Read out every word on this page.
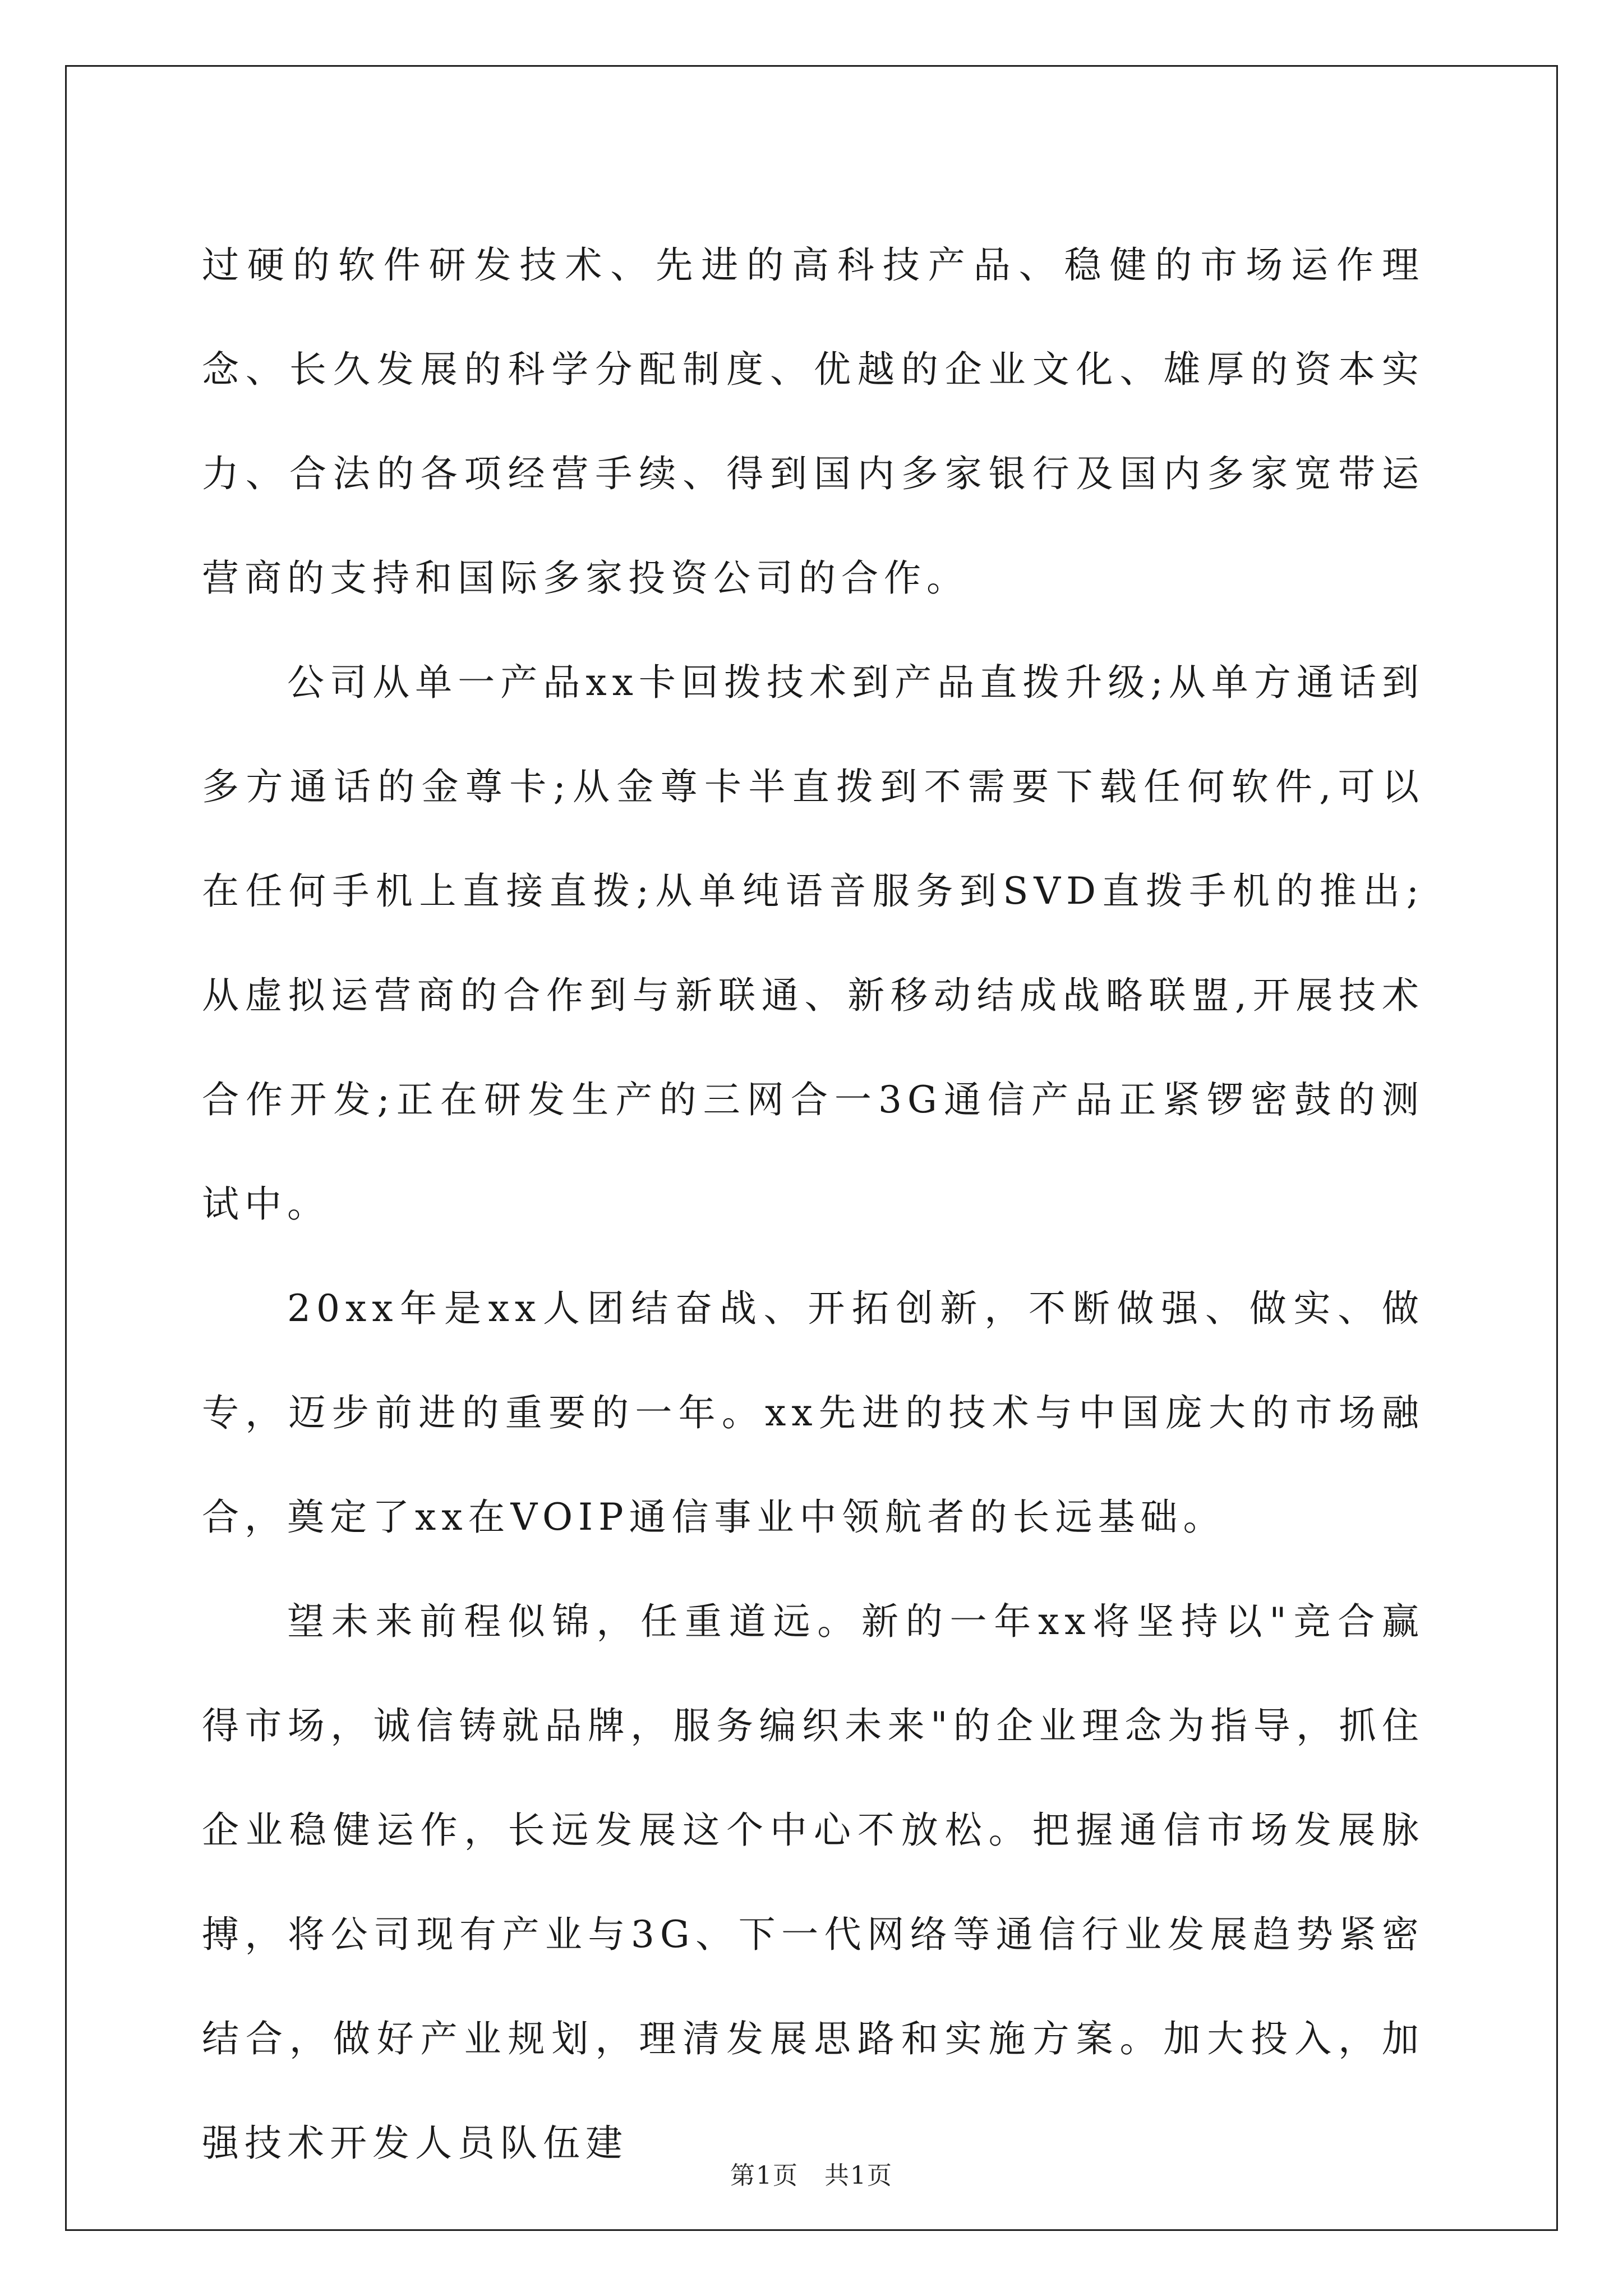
过硬的软件研发技术、先进的高科技产品、稳健的市场运作理念、长久发展的科学分配制度、优越的企业文化、雄厚的资本实力、合法的各项经营手续、得到国内多家银行及国内多家宽带运营商的支持和国际多家投资公司的合作。

公司从单一产品xx卡回拨技术到产品直拨升级;从单方通话到多方通话的金尊卡;从金尊卡半直拨到不需要下载任何软件,可以在任何手机上直接直拨;从单纯语音服务到SVD直拨手机的推出;从虚拟运营商的合作到与新联通、新移动结成战略联盟,开展技术合作开发;正在研发生产的三网合一3G通信产品正紧锣密鼓的测试中。

20xx年是xx人团结奋战、开拓创新，不断做强、做实、做专，迈步前进的重要的一年。xx先进的技术与中国庞大的市场融合，奠定了xx在VOIP通信事业中领航者的长远基础。

望未来前程似锦，任重道远。新的一年xx将坚持以"竞合赢得市场，诚信铸就品牌，服务编织未来"的企业理念为指导，抓住企业稳健运作，长远发展这个中心不放松。把握通信市场发展脉搏，将公司现有产业与3G、下一代网络等通信行业发展趋势紧密结合，做好产业规划，理清发展思路和实施方案。加大投入，加强技术开发人员队伍建

第1页 共1页
